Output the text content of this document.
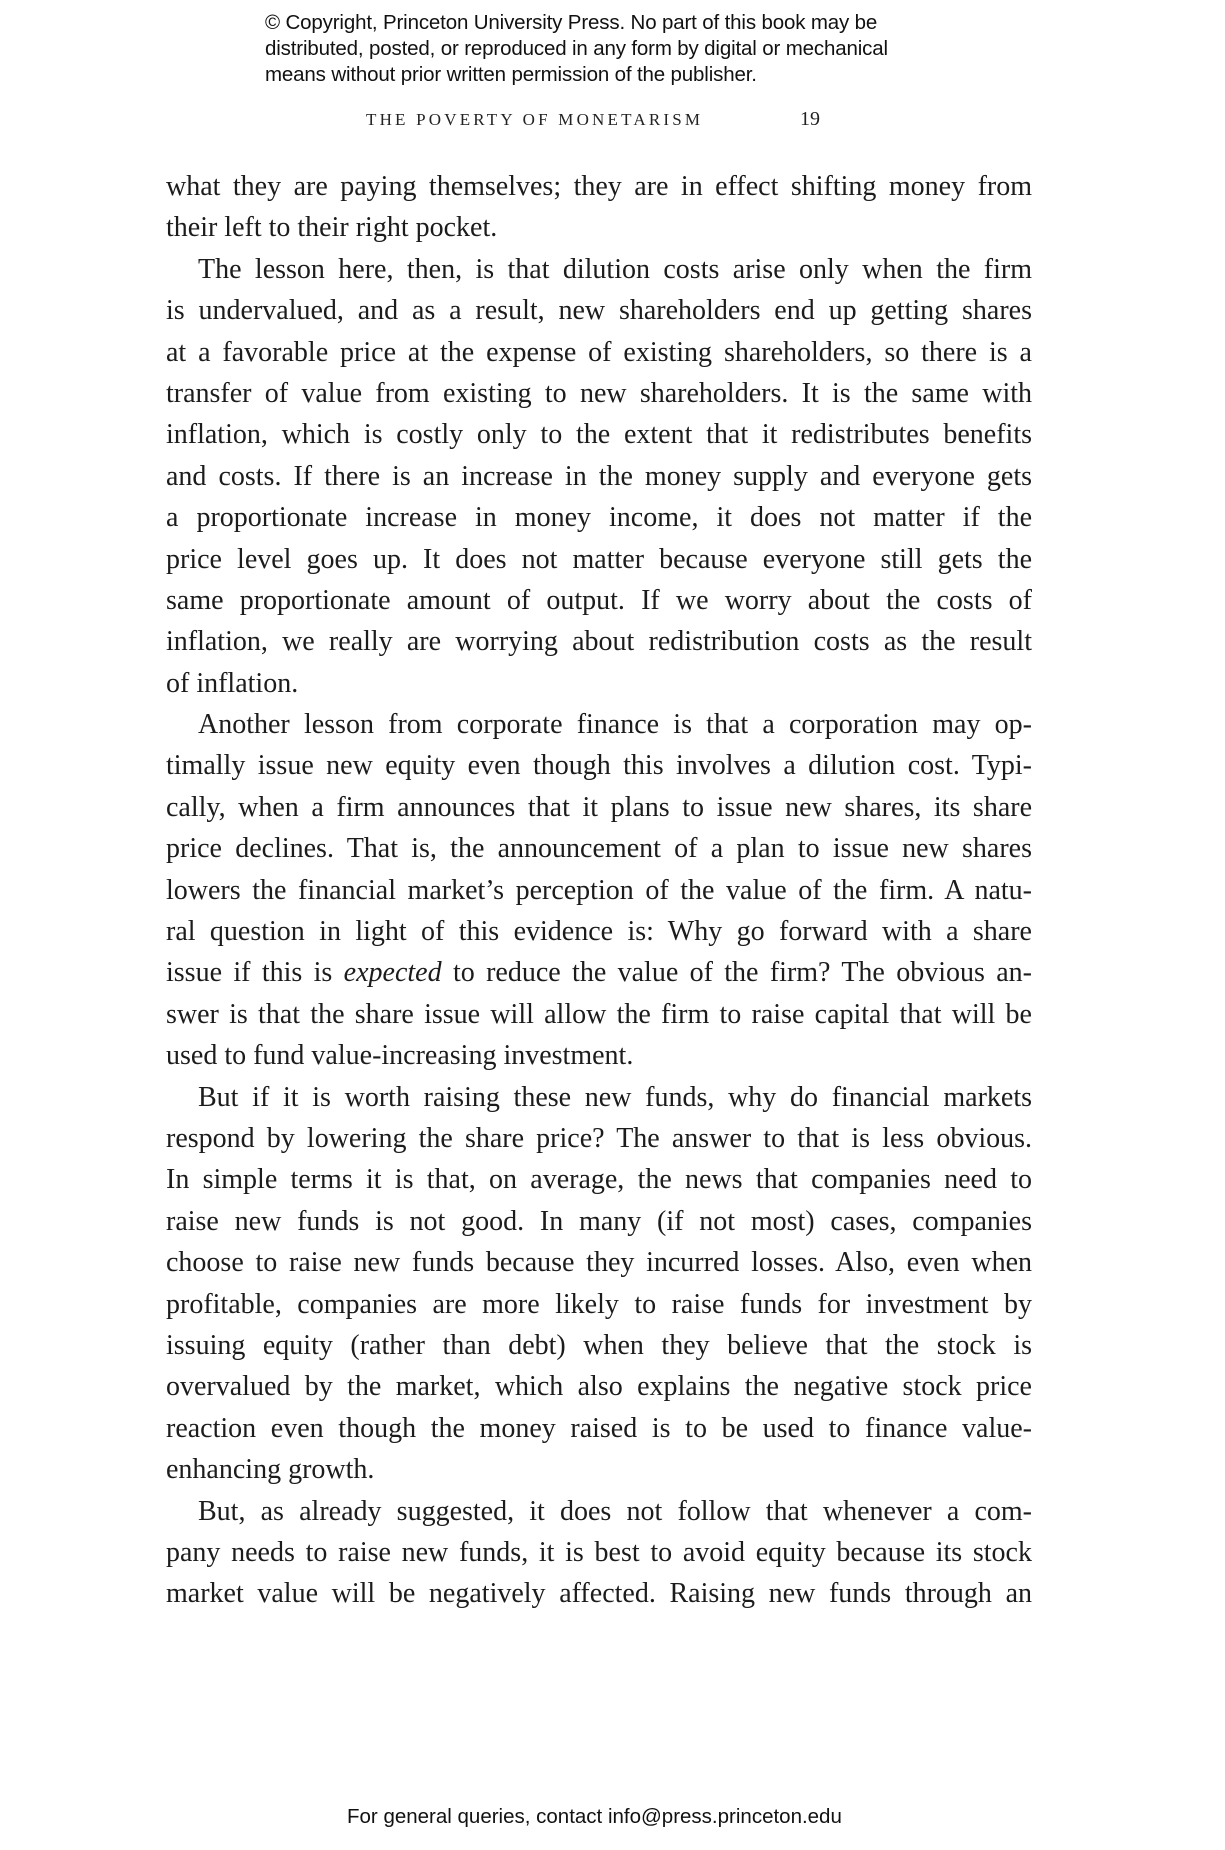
© Copyright, Princeton University Press. No part of this book may be
distributed, posted, or reproduced in any form by digital or mechanical
means without prior written permission of the publisher.
THE POVERTY OF MONETARISM	19
what they are paying themselves; they are in effect shifting money from
their left to their right pocket.
The lesson here, then, is that dilution costs arise only when the firm
is undervalued, and as a result, new shareholders end up getting shares
at a favorable price at the expense of existing shareholders, so there is a
transfer of value from existing to new shareholders. It is the same with
inflation, which is costly only to the extent that it redistributes benefits
and costs. If there is an increase in the money supply and everyone gets
a proportionate increase in money income, it does not matter if the
price level goes up. It does not matter because everyone still gets the
same proportionate amount of output. If we worry about the costs of
inflation, we really are worrying about redistribution costs as the result
of inflation.
Another lesson from corporate finance is that a corporation may op-
timally issue new equity even though this involves a dilution cost. Typi-
cally, when a firm announces that it plans to issue new shares, its share
price declines. That is, the announcement of a plan to issue new shares
lowers the financial market’s perception of the value of the firm. A natu-
ral question in light of this evidence is: Why go forward with a share
issue if this is expected to reduce the value of the firm? The obvious an-
swer is that the share issue will allow the firm to raise capital that will be
used to fund value-increasing investment.
But if it is worth raising these new funds, why do financial markets
respond by lowering the share price? The answer to that is less obvious.
In simple terms it is that, on average, the news that companies need to
raise new funds is not good. In many (if not most) cases, companies
choose to raise new funds because they incurred losses. Also, even when
profitable, companies are more likely to raise funds for investment by
issuing equity (rather than debt) when they believe that the stock is
overvalued by the market, which also explains the negative stock price
reaction even though the money raised is to be used to finance value-
enhancing growth.
But, as already suggested, it does not follow that whenever a com-
pany needs to raise new funds, it is best to avoid equity because its stock
market value will be negatively affected. Raising new funds through an
For general queries, contact info@press.princeton.edu
